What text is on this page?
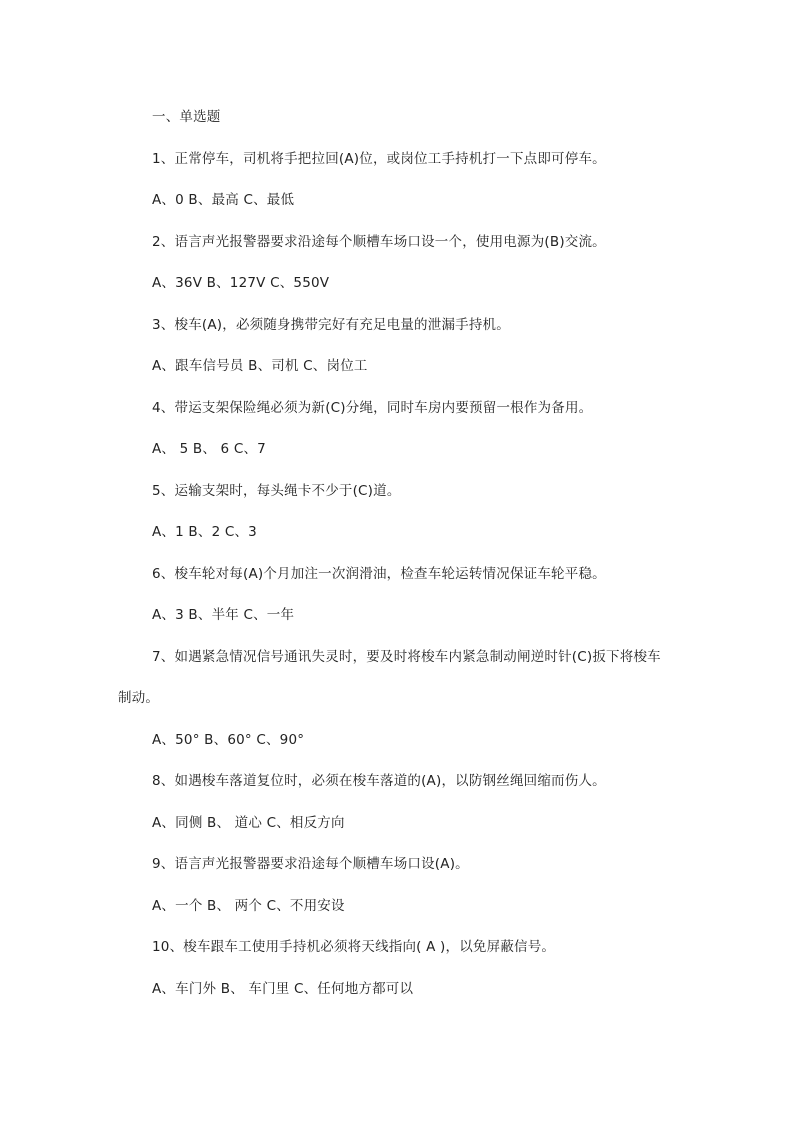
一、单选题
1、正常停车，司机将手把拉回(A)位，或岗位工手持机打一下点即可停车。
A、0 B、最高 C、最低
2、语言声光报警器要求沿途每个顺槽车场口设一个，使用电源为(B)交流。
A、36V B、127V C、550V
3、梭车(A)，必须随身携带完好有充足电量的泄漏手持机。
A、跟车信号员 B、司机 C、岗位工
4、带运支架保险绳必须为新(C)分绳，同时车房内要预留一根作为备用。
A、 5 B、 6 C、7
5、运输支架时，每头绳卡不少于(C)道。
A、1 B、2 C、3
6、梭车轮对每(A)个月加注一次润滑油，检查车轮运转情况保证车轮平稳。
A、3 B、半年 C、一年
7、如遇紧急情况信号通讯失灵时，要及时将梭车内紧急制动闸逆时针(C)扳下将梭车
制动。
A、50° B、60° C、90°
8、如遇梭车落道复位时，必须在梭车落道的(A)，以防钢丝绳回缩而伤人。
A、同侧 B、 道心 C、相反方向
9、语言声光报警器要求沿途每个顺槽车场口设(A)。
A、一个 B、 两个 C、不用安设
10、梭车跟车工使用手持机必须将天线指向( A )，以免屏蔽信号。
A、车门外 B、 车门里 C、任何地方都可以
